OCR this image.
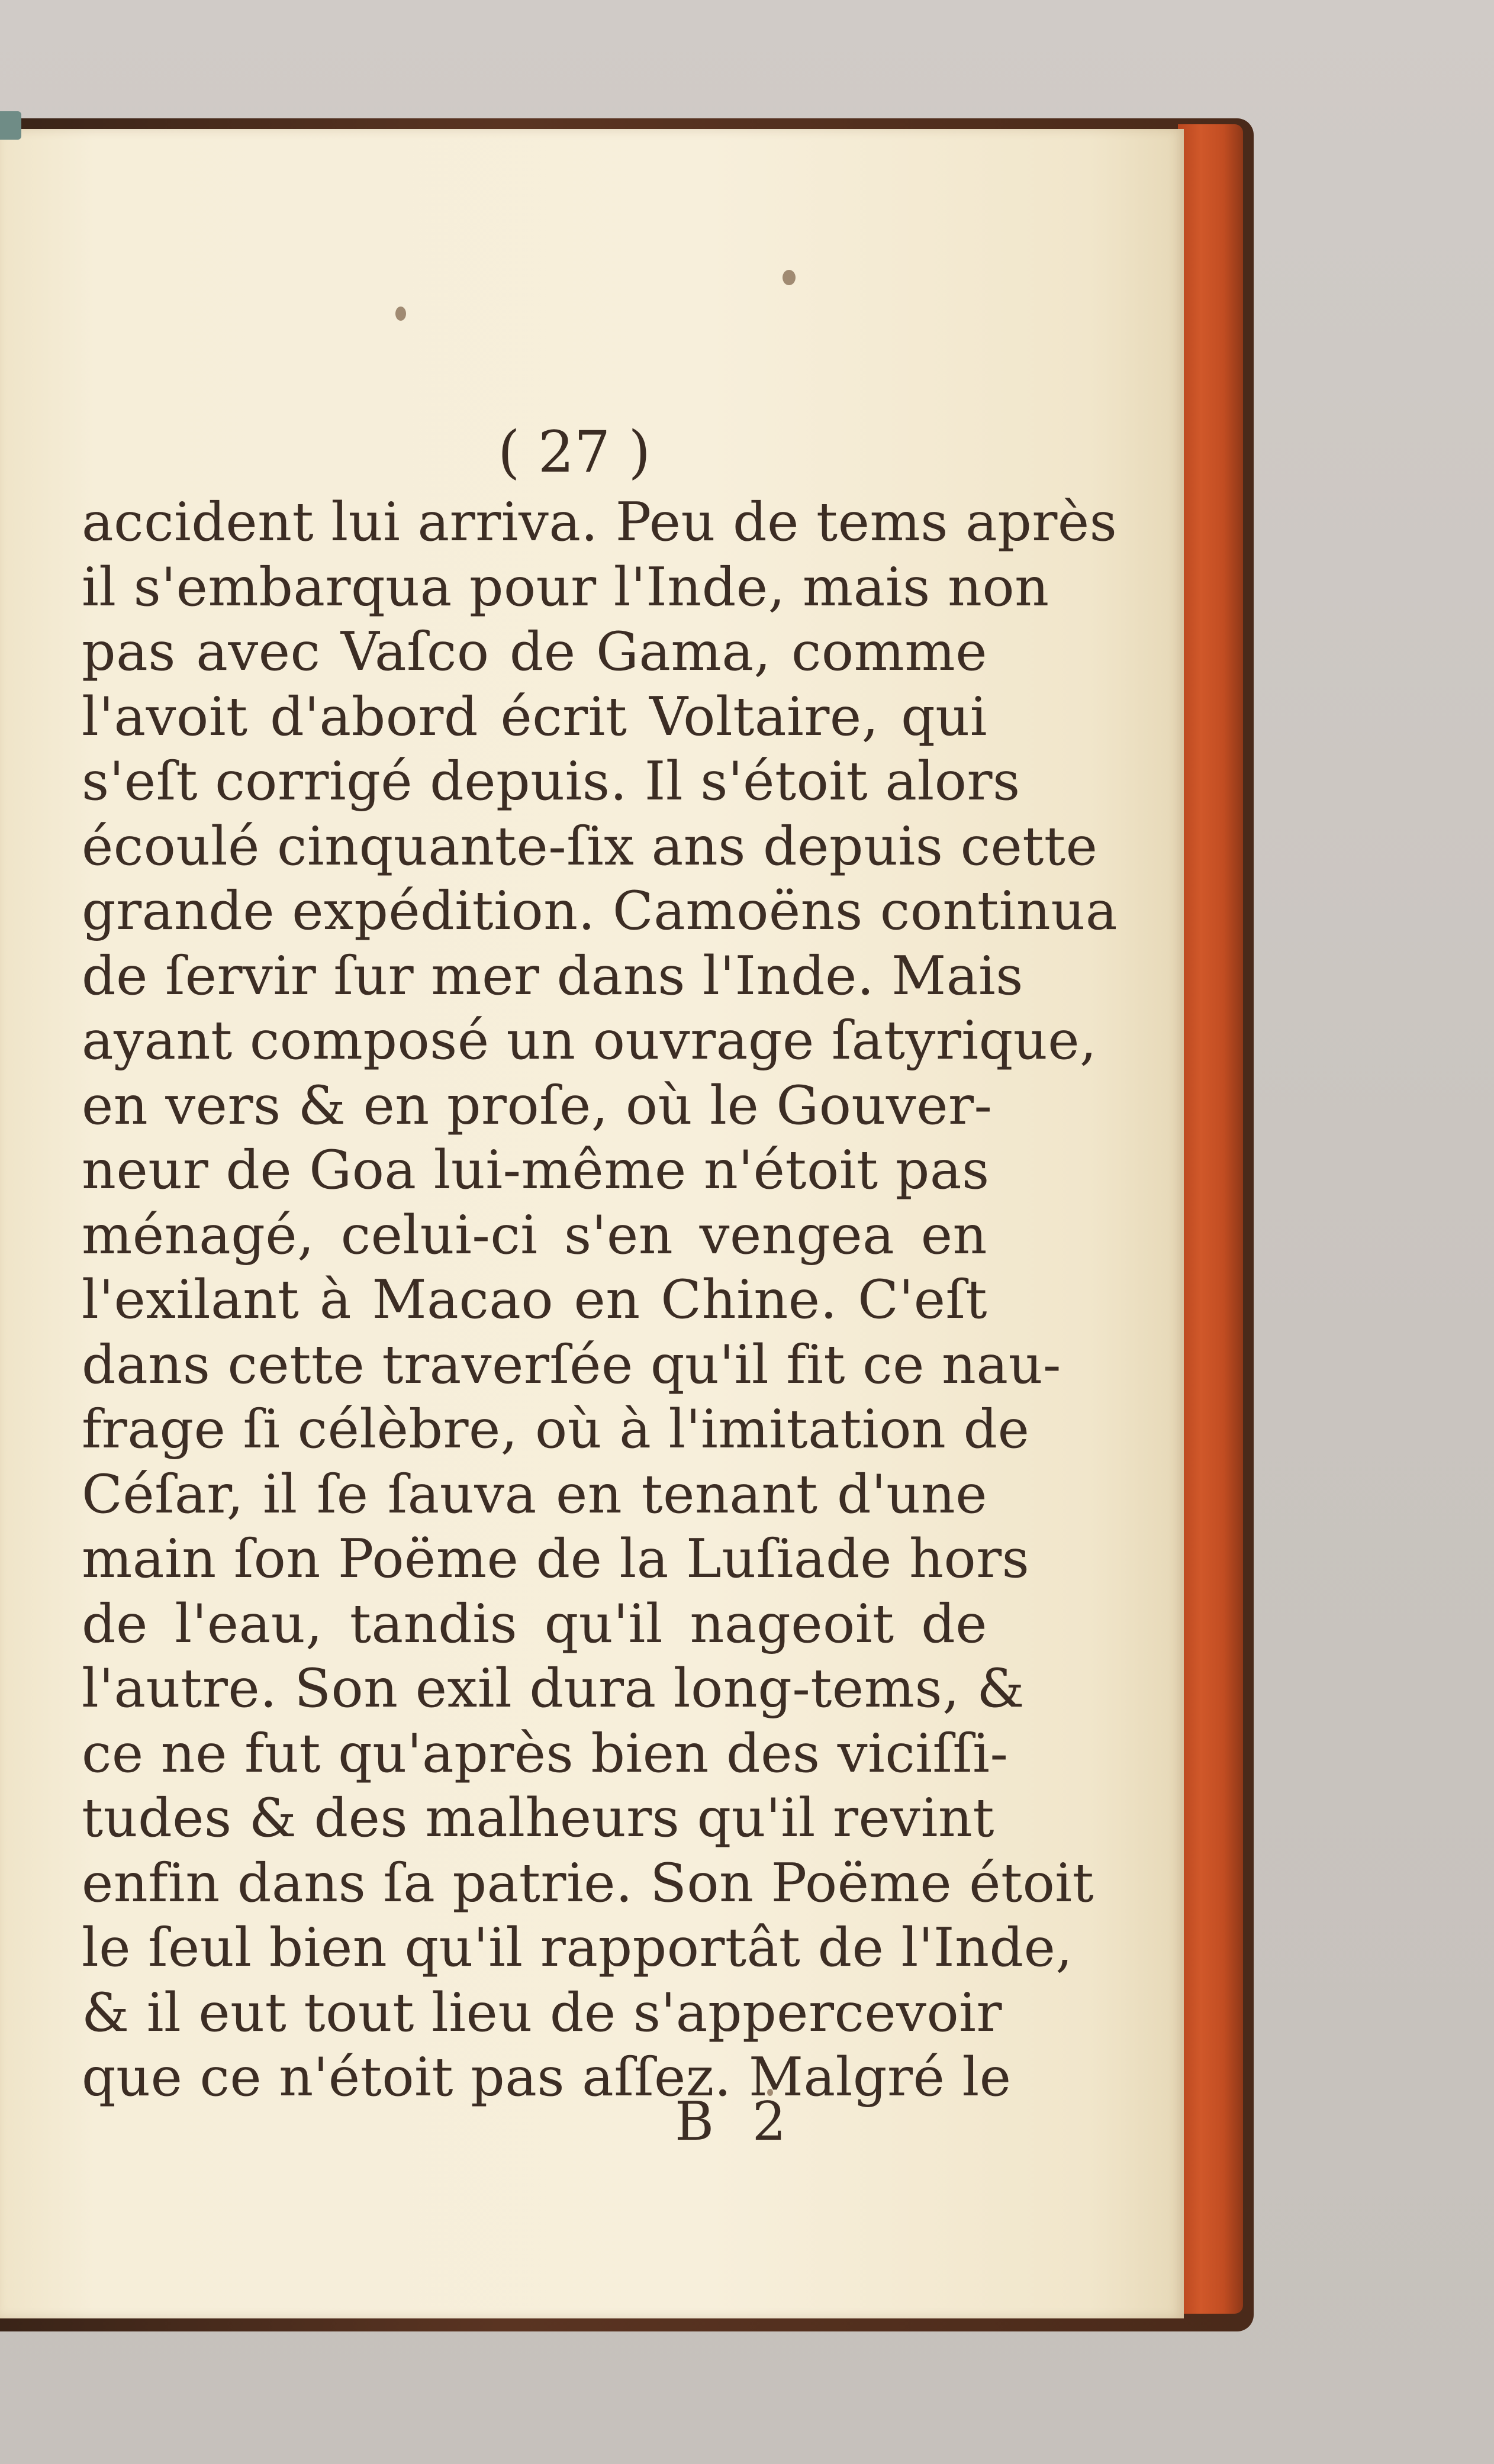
( 27 )
accident lui arriva. Peu de tems après
il s'embarqua pour l'Inde, mais non
pas avec Vaſco de Gama, comme
l'avoit d'abord écrit Voltaire, qui
s'eſt corrigé depuis. Il s'étoit alors
écoulé cinquante-ſix ans depuis cette
grande expédition. Camoëns continua
de ſervir ſur mer dans l'Inde. Mais
ayant composé un ouvrage ſatyrique,
en vers & en proſe, où le Gouver-
neur de Goa lui-même n'étoit pas
ménagé, celui-ci s'en vengea en
l'exilant à Macao en Chine. C'eſt
dans cette traverſée qu'il fit ce nau-
frage ſi célèbre, où à l'imitation de
Céſar, il ſe ſauva en tenant d'une
main ſon Poëme de la Luſiade hors
de l'eau, tandis qu'il nageoit de
l'autre. Son exil dura long-tems, &
ce ne fut qu'après bien des viciſſi-
tudes & des malheurs qu'il revint
enfin dans ſa patrie. Son Poëme étoit
le ſeul bien qu'il rapportât de l'Inde,
& il eut tout lieu de s'appercevoir
que ce n'étoit pas aſſez. Malgré le
B 2
